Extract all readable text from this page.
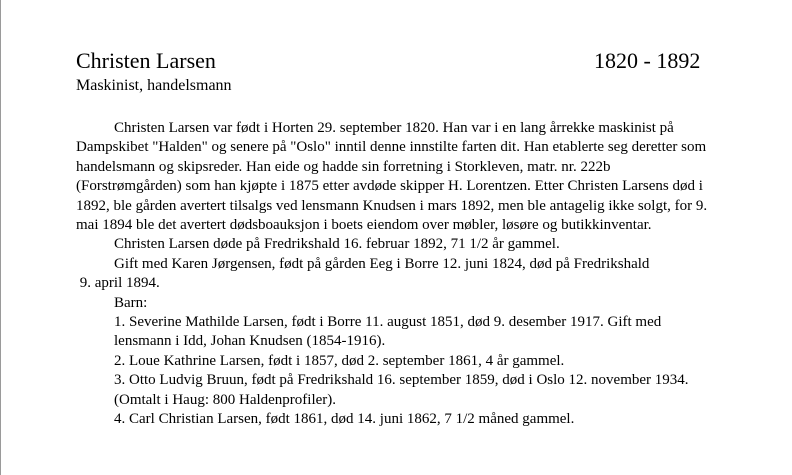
Christen Larsen	1820 - 1892
Maskinist, handelsmann

Christen Larsen var født i Horten 29. september 1820. Han var i en lang årrekke maskinist på Dampskibet "Halden" og senere på "Oslo" inntil denne innstilte farten dit. Han etablerte seg deretter som handelsmann og skipsreder. Han eide og hadde sin forretning i Storkleven, matr. nr. 222b (Forstrømgården) som han kjøpte i 1875 etter avdøde skipper H. Lorentzen. Etter Christen Larsens død i 1892, ble gården avertert tilsalgs ved lensmann Knudsen i mars 1892, men ble antagelig ikke solgt, for 9. mai 1894 ble det avertert dødsboauksjon i boets eiendom over møbler, løsøre og butikkinventar.

Christen Larsen døde på Fredrikshald 16. februar 1892, 71 1/2 år gammel.

Gift med Karen Jørgensen, født på gården Eeg i Borre 12. juni 1824, død på Fredrikshald

9. april 1894.

Barn:

1. Severine Mathilde Larsen, født i Borre 11. august 1851, død 9. desember 1917. Gift med lensmann i Idd, Johan Knudsen (1854-1916).

2. Loue Kathrine Larsen, født i 1857, død 2. september 1861, 4 år gammel.

3. Otto Ludvig Bruun, født på Fredrikshald 16. september 1859, død i Oslo 12. november 1934. (Omtalt i Haug: 800 Haldenprofiler).

4. Carl Christian Larsen, født 1861, død 14. juni 1862, 7 1/2 måned gammel.
